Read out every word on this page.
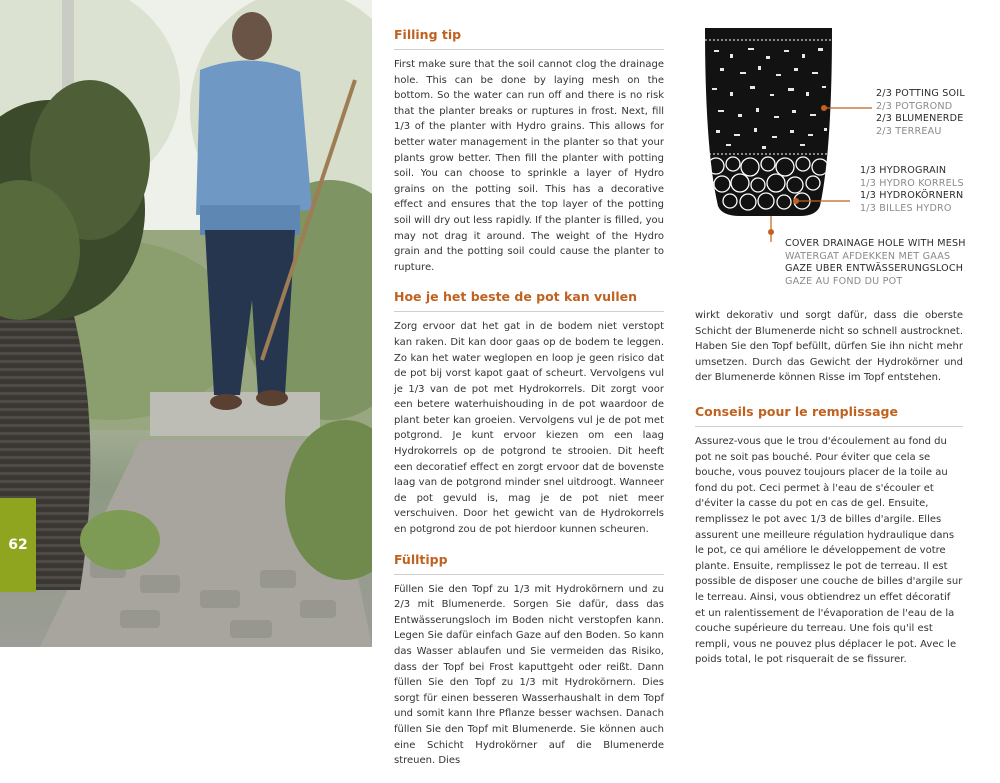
62
Filling tip

First make sure that the soil cannot clog the drainage hole. This can be done by laying mesh on the bottom. So the water can run off and there is no risk that the planter breaks or ruptures in frost. Next, fill 1/3 of the planter with Hydro grains. This allows for better water management in the planter so that your plants grow better. Then fill the planter with potting soil. You can choose to sprinkle a layer of Hydro grains on the potting soil. This has a decorative effect and ensures that the top layer of the potting soil will dry out less rapidly. If the planter is filled, you may not drag it around. The weight of the Hydro grain and the potting soil could cause the planter to rupture.

Hoe je het beste de pot kan vullen

Zorg ervoor dat het gat in de bodem niet verstopt kan raken. Dit kan door gaas op de bodem te leggen. Zo kan het water weglopen en loop je geen risico dat de pot bij vorst kapot gaat of scheurt. Vervolgens vul je 1/3 van de pot met Hydrokorrels. Dit zorgt voor een betere waterhuishouding in de pot waardoor de plant beter kan groeien. Vervolgens vul je de pot met potgrond. Je kunt ervoor kiezen om een laag Hydrokorrels op de potgrond te strooien. Dit heeft een decoratief effect en zorgt ervoor dat de bovenste laag van de potgrond minder snel uitdroogt. Wanneer de pot gevuld is, mag je de pot niet meer verschuiven. Door het gewicht van de Hydrokorrels en potgrond zou de pot hierdoor kunnen scheuren.

Fülltipp

Füllen Sie den Topf zu 1/3 mit Hydrokörnern und zu 2/3 mit Blumenerde. Sorgen Sie dafür, dass das Entwässerungsloch im Boden nicht verstopfen kann. Legen Sie dafür einfach Gaze auf den Boden. So kann das Wasser ablaufen und Sie vermeiden das Risiko, dass der Topf bei Frost kaputtgeht oder reißt. Dann füllen Sie den Topf zu 1/3 mit Hydrokörnern. Dies sorgt für einen besseren Wasserhaushalt in dem Topf und somit kann Ihre Pflanze besser wachsen. Danach füllen Sie den Topf mit Blumenerde. Sie können auch eine Schicht Hydrokörner auf die Blumenerde streuen. Dies

2/3 POTTING SOIL
2/3 POTGROND
2/3 BLUMENERDE
2/3 TERREAU
1/3 HYDROGRAIN
1/3 HYDRO KORRELS
1/3 HYDROKÖRNERN
1/3 BILLES HYDRO
COVER DRAINAGE HOLE WITH MESH
WATERGAT AFDEKKEN MET GAAS
GAZE UBER ENTWÄSSERUNGSLOCH
GAZE AU FOND DU POT

wirkt dekorativ und sorgt dafür, dass die oberste Schicht der Blumenerde nicht so schnell austrocknet. Haben Sie den Topf befüllt, dürfen Sie ihn nicht mehr umsetzen. Durch das Gewicht der Hydrokörner und der Blumenerde können Risse im Topf entstehen.

Conseils pour le remplissage

Assurez-vous que le trou d'écoulement au fond du pot ne soit pas bouché. Pour éviter que cela se bouche, vous pouvez toujours placer de la toile au fond du pot. Ceci permet à l'eau de s'écouler et d'éviter la casse du pot en cas de gel. Ensuite, remplissez le pot avec 1/3 de billes d'argile. Elles assurent une meilleure régulation hydraulique dans le pot, ce qui améliore le développement de votre plante. Ensuite, remplissez le pot de terreau. Il est possible de disposer une couche de billes d'argile sur le terreau. Ainsi, vous obtiendrez un effet décoratif et un ralentissement de l'évaporation de l'eau de la couche supérieure du terreau. Une fois qu'il est rempli, vous ne pouvez plus déplacer le pot. Avec le poids total, le pot risquerait de se fissurer.
